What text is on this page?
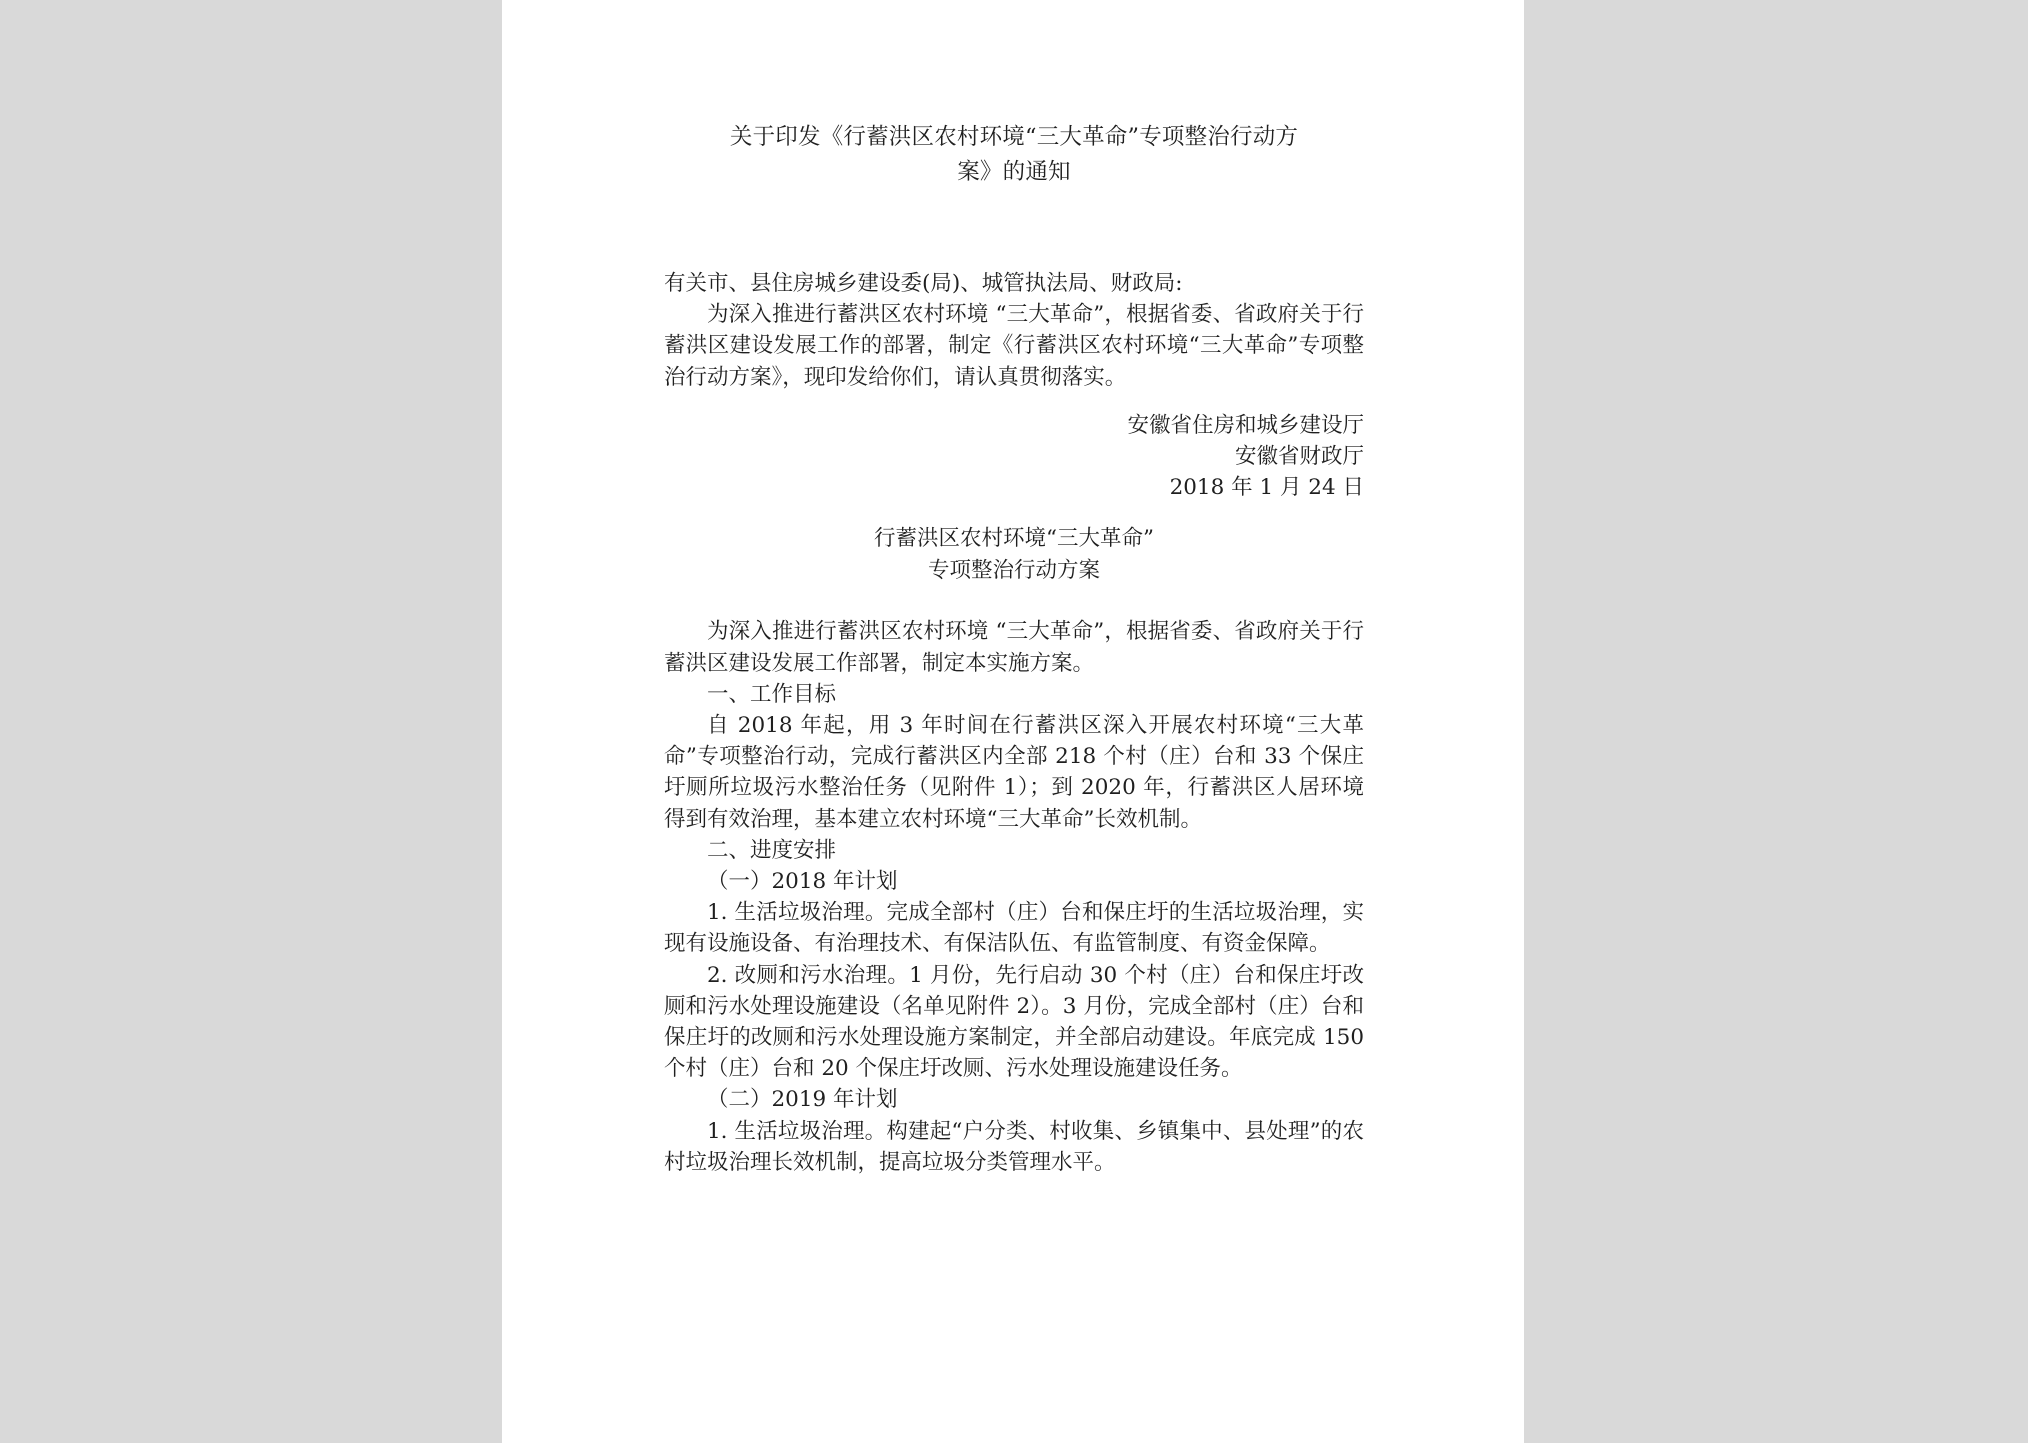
关于印发《行蓄洪区农村环境“三大革命”专项整治行动方
案》的通知

有关市、县住房城乡建设委(局)、城管执法局、财政局:

为深入推进行蓄洪区农村环境 “三大革命”，根据省委、省政府关于行蓄洪区建设发展工作的部署，制定《行蓄洪区农村环境“三大革命”专项整治行动方案》，现印发给你们，请认真贯彻落实。

安徽省住房和城乡建设厅
安徽省财政厅
2018 年 1 月 24 日
行蓄洪区农村环境“三大革命”
专项整治行动方案

为深入推进行蓄洪区农村环境 “三大革命”，根据省委、省政府关于行蓄洪区建设发展工作部署，制定本实施方案。

一、工作目标

自 2018 年起，用 3 年时间在行蓄洪区深入开展农村环境“三大革命”专项整治行动，完成行蓄洪区内全部 218 个村（庄）台和 33 个保庄圩厕所垃圾污水整治任务（见附件 1）；到 2020 年，行蓄洪区人居环境得到有效治理，基本建立农村环境“三大革命”长效机制。

二、进度安排

（一）2018 年计划

1. 生活垃圾治理。完成全部村（庄）台和保庄圩的生活垃圾治理，实现有设施设备、有治理技术、有保洁队伍、有监管制度、有资金保障。

2. 改厕和污水治理。1 月份，先行启动 30 个村（庄）台和保庄圩改厕和污水处理设施建设（名单见附件 2）。3 月份，完成全部村（庄）台和保庄圩的改厕和污水处理设施方案制定，并全部启动建设。年底完成 150 个村（庄）台和 20 个保庄圩改厕、污水处理设施建设任务。

（二）2019 年计划

1. 生活垃圾治理。构建起“户分类、村收集、乡镇集中、县处理”的农村垃圾治理长效机制，提高垃圾分类管理水平。
